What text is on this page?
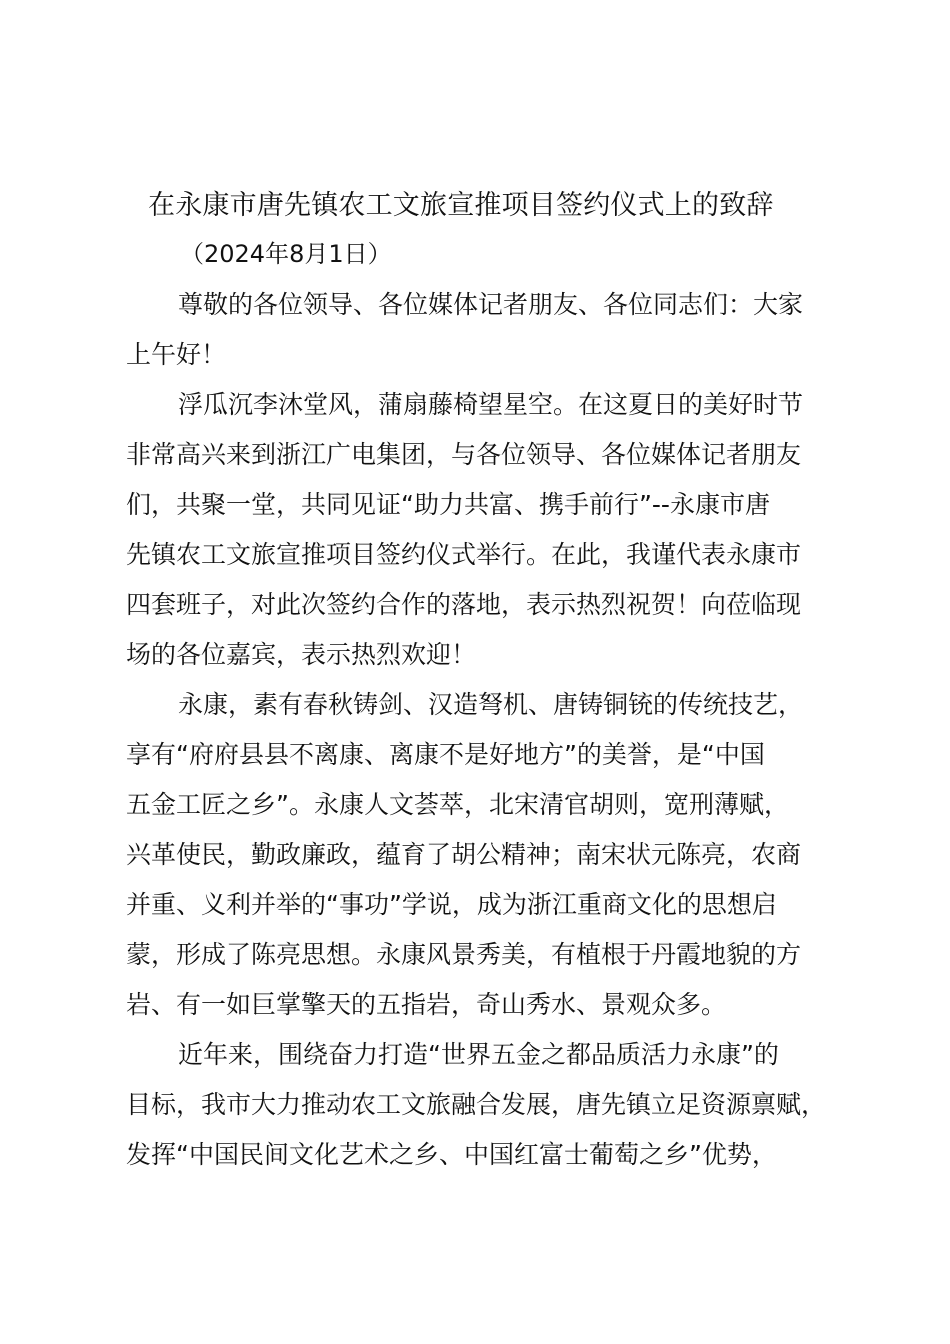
在永康市唐先镇农工文旅宣推项目签约仪式上的致辞
（2024年8月1日）
尊敬的各位领导、各位媒体记者朋友、各位同志们：大家
上午好！
浮瓜沉李沐堂风，蒲扇藤椅望星空。在这夏日的美好时节
非常高兴来到浙江广电集团，与各位领导、各位媒体记者朋友
们，共聚一堂，共同见证“助力共富、携手前行”--永康市唐
先镇农工文旅宣推项目签约仪式举行。在此，我谨代表永康市
四套班子，对此次签约合作的落地，表示热烈祝贺！向莅临现
场的各位嘉宾，表示热烈欢迎！
永康，素有春秋铸剑、汉造弩机、唐铸铜铳的传统技艺，
享有“府府县县不离康、离康不是好地方”的美誉，是“中国
五金工匠之乡”。永康人文荟萃，北宋清官胡则，宽刑薄赋，
兴革使民，勤政廉政，蕴育了胡公精神；南宋状元陈亮，农商
并重、义利并举的“事功”学说，成为浙江重商文化的思想启
蒙，形成了陈亮思想。永康风景秀美，有植根于丹霞地貌的方
岩、有一如巨掌擎天的五指岩，奇山秀水、景观众多。
近年来，围绕奋力打造“世界五金之都品质活力永康”的
目标，我市大力推动农工文旅融合发展，唐先镇立足资源禀赋，
发挥“中国民间文化艺术之乡、中国红富士葡萄之乡”优势，
